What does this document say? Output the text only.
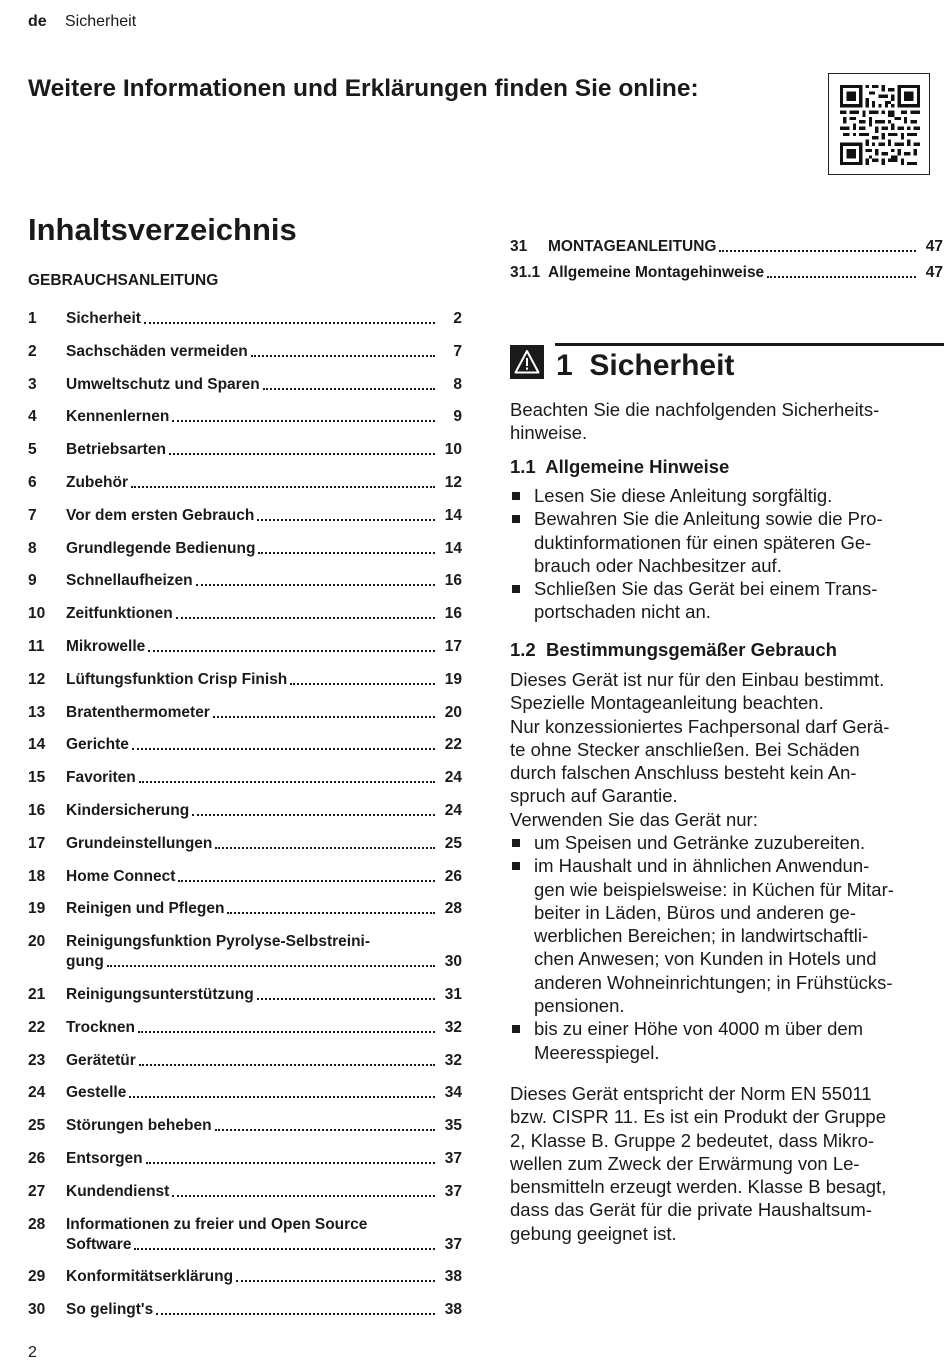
de Sicherheit
Weitere Informationen und Erklärungen finden Sie online:
Inhaltsverzeichnis
GEBRAUCHSANLEITUNG
1 Sicherheit	2
2 Sachschäden vermeiden	7
3 Umweltschutz und Sparen	8
4 Kennenlernen	9
5 Betriebsarten	10
6 Zubehör	12
7 Vor dem ersten Gebrauch	14
8 Grundlegende Bedienung	14
9 Schnellaufheizen	16
10 Zeitfunktionen	16
11 Mikrowelle	17
12 Lüftungsfunktion Crisp Finish	19
13 Bratenthermometer	20
14 Gerichte	22
15 Favoriten	24
16 Kindersicherung	24
17 Grundeinstellungen	25
18 Home Connect	26
19 Reinigen und Pflegen	28
20 Reinigungsfunktion Pyrolyse-Selbstreini-
gung	30
21 Reinigungsunterstützung	31
22 Trocknen	32
23 Gerätetür	32
24 Gestelle	34
25 Störungen beheben	35
26 Entsorgen	37
27 Kundendienst	37
28 Informationen zu freier und Open Source
Software	37
29 Konformitätserklärung	38
30 So gelingt's	38
31 MONTAGEANLEITUNG	47
31.1 Allgemeine Montagehinweise	47
1  Sicherheit
Beachten Sie die nachfolgenden Sicherheits-
hinweise.
1.1  Allgemeine Hinweise
Lesen Sie diese Anleitung sorgfältig.
Bewahren Sie die Anleitung sowie die Pro-
duktinformationen für einen späteren Ge-
brauch oder Nachbesitzer auf.
Schließen Sie das Gerät bei einem Trans-
portschaden nicht an.
1.2  Bestimmungsgemäßer Gebrauch
Dieses Gerät ist nur für den Einbau bestimmt.
Spezielle Montageanleitung beachten.
Nur konzessioniertes Fachpersonal darf Gerä-
te ohne Stecker anschließen. Bei Schäden
durch falschen Anschluss besteht kein An-
spruch auf Garantie.
Verwenden Sie das Gerät nur:
um Speisen und Getränke zuzubereiten.
im Haushalt und in ähnlichen Anwendun-
gen wie beispielsweise: in Küchen für Mitar-
beiter in Läden, Büros und anderen ge-
werblichen Bereichen; in landwirtschaftli-
chen Anwesen; von Kunden in Hotels und
anderen Wohneinrichtungen; in Frühstücks-
pensionen.
bis zu einer Höhe von 4000 m über dem
Meeresspiegel.
Dieses Gerät entspricht der Norm EN 55011
bzw. CISPR 11. Es ist ein Produkt der Gruppe
2, Klasse B. Gruppe 2 bedeutet, dass Mikro-
wellen zum Zweck der Erwärmung von Le-
bensmitteln erzeugt werden. Klasse B besagt,
dass das Gerät für die private Haushaltsum-
gebung geeignet ist.
2
